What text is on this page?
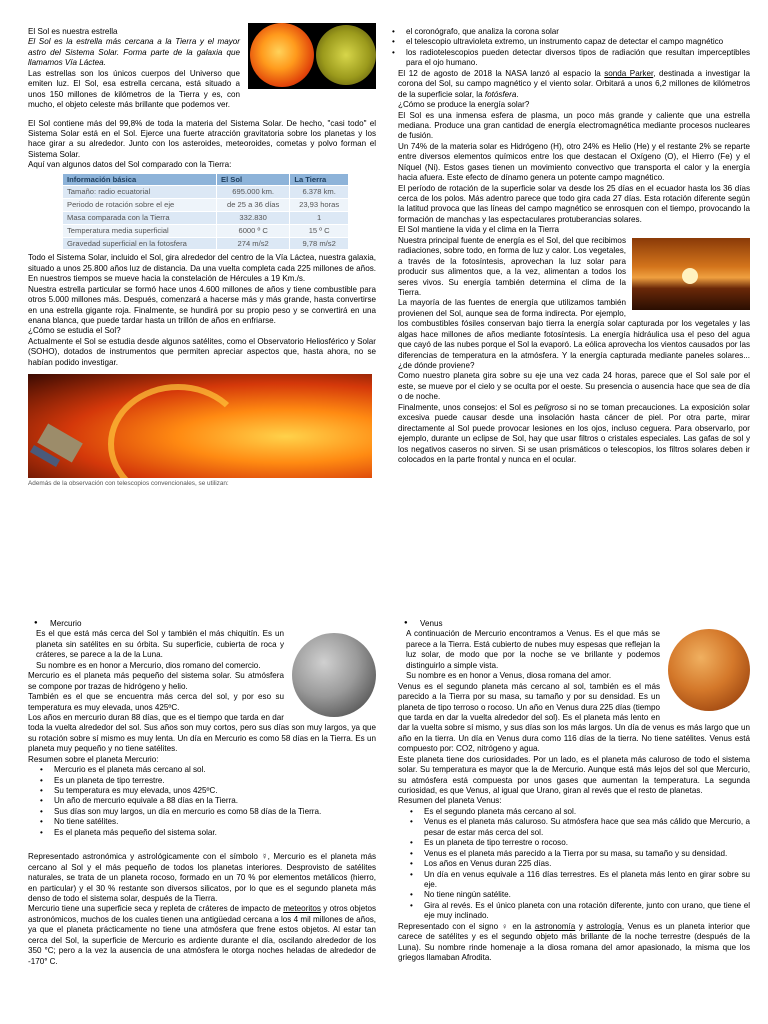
El Sol es nuestra estrella

El Sol es la estrella más cercana a la Tierra y el mayor astro del Sistema Solar. Forma parte de la galaxia que llamamos Vía Láctea.

Las estrellas son los únicos cuerpos del Universo que emiten luz. El Sol, esa estrella cercana, está situado a unos 150 millones de kilómetros de la Tierra y es, con mucho, el objeto celeste más brillante que podemos ver.

El Sol contiene más del 99,8% de toda la materia del Sistema Solar. De hecho, "casi todo" el Sistema Solar está en el Sol. Ejerce una fuerte atracción gravitatoria sobre los planetas y los hace girar a su alrededor. Junto con los asteroides, meteoroides, cometas y polvo forman el Sistema Solar.

Aquí van algunos datos del Sol comparado con la Tierra:

Información básica	El Sol	La Tierra
Tamaño: radio ecuatorial	695.000 km.	6.378 km.
Periodo de rotación sobre el eje	de 25 a 36 días	23,93 horas
Masa comparada con la Tierra	332.830	1
Temperatura media superficial	6000 º C	15 º C
Gravedad superficial en la fotosfera	274 m/s2	9,78 m/s2

Todo el Sistema Solar, incluido el Sol, gira alrededor del centro de la Vía Láctea, nuestra galaxia, situado a unos 25.800 años luz de distancia. Da una vuelta completa cada 225 millones de años. En nuestros tiempos se mueve hacia la constelación de Hércules a 19 Km./s.

Nuestra estrella particular se formó hace unos 4.600 millones de años y tiene combustible para otros 5.000 millones más. Después, comenzará a hacerse más y más grande, hasta convertirse en una estrella gigante roja. Finalmente, se hundirá por su propio peso y se convertirá en una enana blanca, que puede tardar hasta un trillón de años en enfriarse.

¿Cómo se estudia el Sol?

Actualmente el Sol se estudia desde algunos satélites, como el Observatorio Heliosférico y Solar (SOHO), dotados de instrumentos que permiten apreciar aspectos que, hasta ahora, no se habían podido investigar.

Además de la observación con telescopios convencionales, se utilizan:

• el coronógrafo, que analiza la corona solar
• el telescopio ultravioleta extremo, un instrumento capaz de detectar el campo magnético
• los radiotelescopios pueden detectar diversos tipos de radiación que resultan imperceptibles para el ojo humano.

El 12 de agosto de 2018 la NASA lanzó al espacio la sonda Parker, destinada a investigar la corona del Sol, su campo magnético y el viento solar. Orbitará a unos 6,2 millones de kilómetros de la superficie solar, la fotósfera.

¿Cómo se produce la energía solar?

El Sol es una inmensa esfera de plasma, un poco más grande y caliente que una estrella mediana. Produce una gran cantidad de energía electromagnética mediante procesos nucleares de fusión.

Un 74% de la materia solar es Hidrógeno (H), otro 24% es Helio (He) y el restante 2% se reparte entre diversos elementos químicos entre los que destacan el Oxígeno (O), el Hierro (Fe) y el Níquel (Ni). Estos gases tienen un movimiento convectivo que transporta el calor y la energía hacia afuera. Este efecto de dínamo genera un potente campo magnético.

El período de rotación de la superficie solar va desde los 25 días en el ecuador hasta los 36 días cerca de los polos. Más adentro parece que todo gira cada 27 días. Esta rotación diferente según la latitud provoca que las líneas del campo magnético se enrosquen con el tiempo, provocando la formación de manchas y las espectaculares protuberancias solares.

El Sol mantiene la vida y el clima en la Tierra

Nuestra principal fuente de energía es el Sol, del que recibimos radiaciones, sobre todo, en forma de luz y calor. Los vegetales, a través de la fotosíntesis, aprovechan la luz solar para producir sus alimentos que, a la vez, alimentan a todos los seres vivos. Su energía también determina el clima de la Tierra.

La mayoría de las fuentes de energía que utilizamos también provienen del Sol, aunque sea de forma indirecta. Por ejemplo, los combustibles fósiles conservan bajo tierra la energía solar capturada por los vegetales y las algas hace millones de años mediante fotosíntesis. La energía hidráulica usa el peso del agua que cayó de las nubes porque el Sol la evaporó. La eólica aprovecha los vientos causados por las diferencias de temperatura en la atmósfera. Y la energía capturada mediante paneles solares... ¿de dónde proviene?

Como nuestro planeta gira sobre su eje una vez cada 24 horas, parece que el Sol sale por el este, se mueve por el cielo y se oculta por el oeste. Su presencia o ausencia hace que sea de día o de noche.

Finalmente, unos consejos: el Sol es peligroso si no se toman precauciones. La exposición solar excesiva puede causar desde una insolación hasta cáncer de piel. Por otra parte, mirar directamente al Sol puede provocar lesiones en los ojos, incluso ceguera. Para observarlo, por ejemplo, durante un eclipse de Sol, hay que usar filtros o cristales especiales. Las gafas de sol y los negativos caseros no sirven. Si se usan prismáticos o telescopios, los filtros solares deben ir colocados en la parte frontal y nunca en el ocular.

● Mercurio

Es el que está más cerca del Sol y también el más chiquitín. Es un planeta sin satélites en su órbita. Su superficie, cubierta de roca y cráteres, se parece a la de la Luna.

Su nombre es en honor a Mercurio, dios romano del comercio.

Mercurio es el planeta más pequeño del sistema solar. Su atmósfera se compone por trazas de hidrógeno y helio.

También es el que se encuentra más cerca del sol, y por eso su temperatura es muy elevada, unos 425ºC.

Los años en mercurio duran 88 días, que es el tiempo que tarda en dar toda la vuelta alrededor del sol. Sus años son muy cortos, pero sus días son muy largos, ya que su rotación sobre sí mismo es muy lenta. Un día en Mercurio es como 58 días en la Tierra. Es un planeta muy pequeño y no tiene satélites.

Resumen sobre el planeta Mercurio:

• Mercurio es el planeta más cercano al sol.
• Es un planeta de tipo terrestre.
• Su temperatura es muy elevada, unos 425ºC.
• Un año de mercurio equivale a 88 días en la Tierra.
• Sus días son muy largos, un día en mercurio es como 58 días de la Tierra.
• No tiene satélites.
• Es el planeta más pequeño del sistema solar.

Representado astronómica y astrológicamente con el símbolo ☿, Mercurio es el planeta más cercano al Sol y el más pequeño de todos los planetas interiores. Desprovisto de satélites naturales, se trata de un planeta rocoso, formado en un 70 % por elementos metálicos (hierro, en particular) y el 30 % restante son diversos silicatos, por lo que es el segundo planeta más denso de todo el sistema solar, después de la Tierra.

Mercurio tiene una superficie seca y repleta de cráteres de impacto de meteoritos y otros objetos astronómicos, muchos de los cuales tienen una antigüedad cercana a los 4 mil millones de años, ya que el planeta prácticamente no tiene una atmósfera que frene estos objetos. Al estar tan cerca del Sol, la superficie de Mercurio es ardiente durante el día, oscilando alrededor de los 350 °C; pero a la vez la ausencia de una atmósfera le otorga noches heladas de alrededor de -170° C.

● Venus

A continuación de Mercurio encontramos a Venus. Es el que más se parece a la Tierra. Está cubierto de nubes muy espesas que reflejan la luz solar, de modo que por la noche se ve brillante y podemos distinguirlo a simple vista.

Su nombre es en honor a Venus, diosa romana del amor.

Venus es el segundo planeta más cercano al sol, también es el más parecido a la Tierra por su masa, su tamaño y por su densidad. Es un planeta de tipo terroso o rocoso. Un año en Venus dura 225 días (tiempo que tarda en dar la vuelta alrededor del sol). Es el planeta más lento en dar la vuelta sobre sí mismo, y sus días son los más largos. Un día de venus es más largo que un año en la tierra. Un día en Venus dura como 116 días de la tierra. No tiene satélites. Venus está compuesto por: CO2, nitrógeno y agua.

Este planeta tiene dos curiosidades. Por un lado, es el planeta más caluroso de todo el sistema solar. Su temperatura es mayor que la de Mercurio. Aunque está más lejos del sol que Mercurio, su atmósfera está compuesta por unos gases que aumentan la temperatura. La segunda curiosidad, es que Venus, al igual que Urano, giran al revés que el resto de planetas.

Resumen del planeta Venus:

• Es el segundo planeta más cercano al sol.
• Venus es el planeta más caluroso. Su atmósfera hace que sea más cálido que Mercurio, a pesar de estar más cerca del sol.
• Es un planeta de tipo terrestre o rocoso.
• Venus es el planeta más parecido a la Tierra por su masa, su tamaño y su densidad.
• Los años en Venus duran 225 días.
• Un día en venus equivale a 116 días terrestres. Es el planeta más lento en girar sobre su eje.
• No tiene ningún satélite.
• Gira al revés. Es el único planeta con una rotación diferente, junto con urano, que tiene el eje muy inclinado.

Representado con el signo ♀ en la astronomía y astrología, Venus es un planeta interior que carece de satélites y es el segundo objeto más brillante de la noche terrestre (después de la Luna). Su nombre rinde homenaje a la diosa romana del amor apasionado, la misma que los griegos llamaban Afrodita.
